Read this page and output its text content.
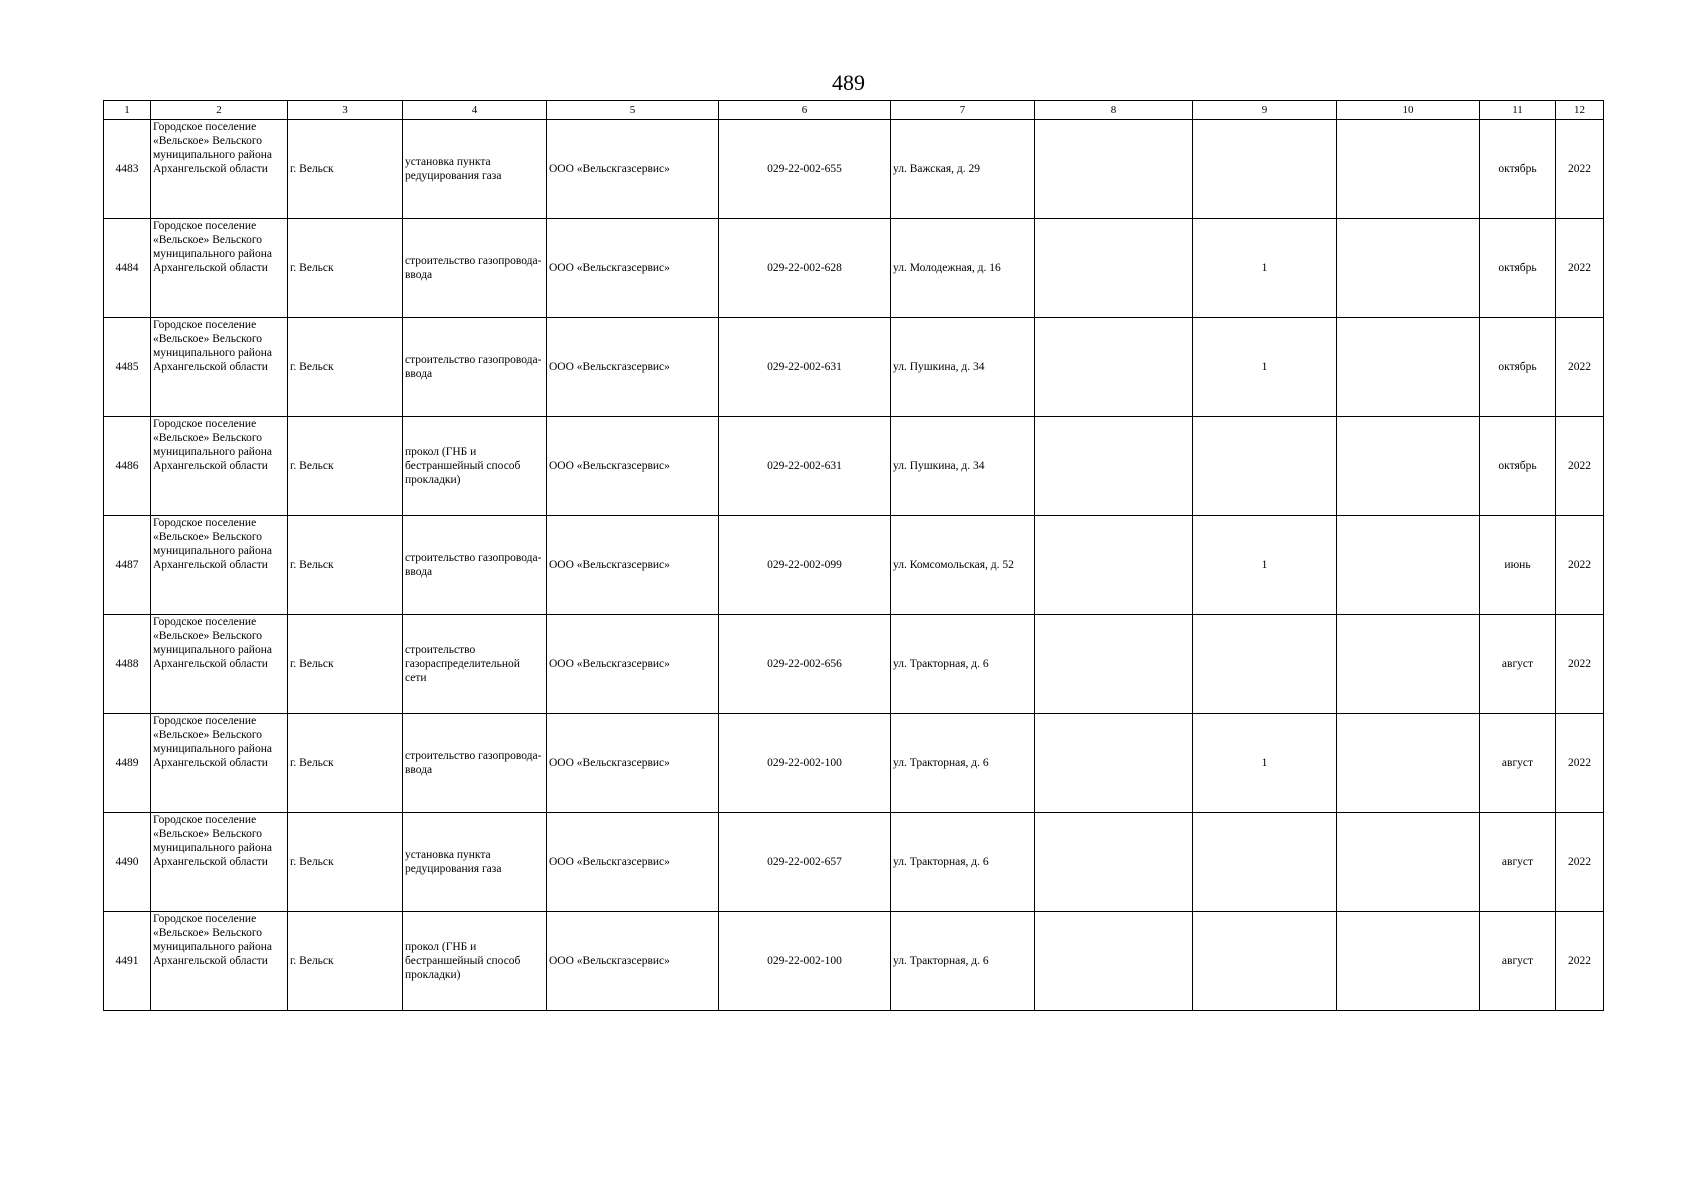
489
1	2	3	4	5	6	7	8	9	10	11	12
4483	Городское поселение «Вельское» Вельского муниципального района Архангельской области	г. Вельск	установка пункта редуцирования газа	ООО «Вельскгазсервис»	029-22-002-655	ул. Важская, д. 29				октябрь	2022
4484	Городское поселение «Вельское» Вельского муниципального района Архангельской области	г. Вельск	строительство газопровода-ввода	ООО «Вельскгазсервис»	029-22-002-628	ул. Молодежная, д. 16		1		октябрь	2022
4485	Городское поселение «Вельское» Вельского муниципального района Архангельской области	г. Вельск	строительство газопровода-ввода	ООО «Вельскгазсервис»	029-22-002-631	ул. Пушкина, д. 34		1		октябрь	2022
4486	Городское поселение «Вельское» Вельского муниципального района Архангельской области	г. Вельск	прокол (ГНБ и бестраншейный способ прокладки)	ООО «Вельскгазсервис»	029-22-002-631	ул. Пушкина, д. 34				октябрь	2022
4487	Городское поселение «Вельское» Вельского муниципального района Архангельской области	г. Вельск	строительство газопровода-ввода	ООО «Вельскгазсервис»	029-22-002-099	ул. Комсомольская, д. 52		1		июнь	2022
4488	Городское поселение «Вельское» Вельского муниципального района Архангельской области	г. Вельск	строительство газораспределительной сети	ООО «Вельскгазсервис»	029-22-002-656	ул. Тракторная, д. 6				август	2022
4489	Городское поселение «Вельское» Вельского муниципального района Архангельской области	г. Вельск	строительство газопровода-ввода	ООО «Вельскгазсервис»	029-22-002-100	ул. Тракторная, д. 6		1		август	2022
4490	Городское поселение «Вельское» Вельского муниципального района Архангельской области	г. Вельск	установка пункта редуцирования газа	ООО «Вельскгазсервис»	029-22-002-657	ул. Тракторная, д. 6				август	2022
4491	Городское поселение «Вельское» Вельского муниципального района Архангельской области	г. Вельск	прокол (ГНБ и бестраншейный способ прокладки)	ООО «Вельскгазсервис»	029-22-002-100	ул. Тракторная, д. 6				август	2022
